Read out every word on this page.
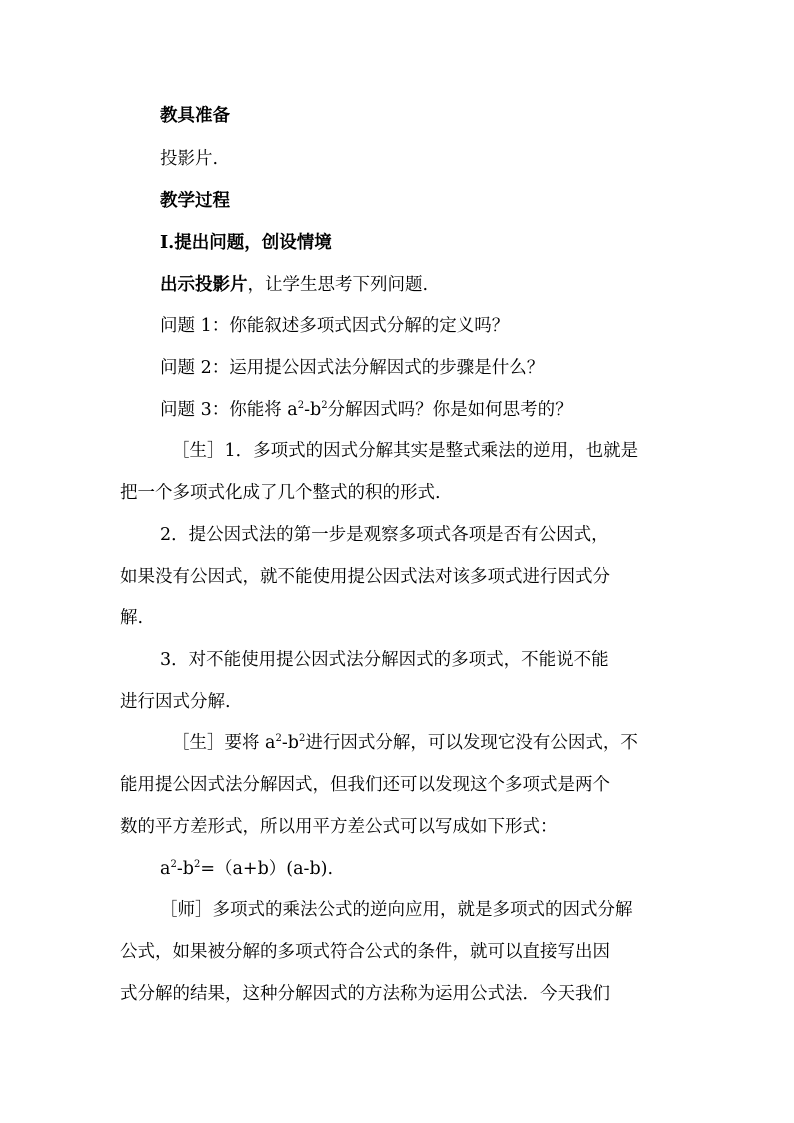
教具准备
投影片.
教学过程
Ⅰ.提出问题，创设情境
出示投影片，让学生思考下列问题.
问题 1：你能叙述多项式因式分解的定义吗？
问题 2：运用提公因式法分解因式的步骤是什么？
问题 3：你能将 $a^2-b^2$分解因式吗？你是如何思考的？
［生］1．多项式的因式分解其实是整式乘法的逆用，也就是
把一个多项式化成了几个整式的积的形式.
2．提公因式法的第一步是观察多项式各项是否有公因式，
如果没有公因式，就不能使用提公因式法对该多项式进行因式分
解.
3．对不能使用提公因式法分解因式的多项式，不能说不能
进行因式分解.
［生］要将 $a^2-b^2$进行因式分解，可以发现它没有公因式，不
能用提公因式法分解因式，但我们还可以发现这个多项式是两个
数的平方差形式，所以用平方差公式可以写成如下形式：
$a^2-b^2=(a+b)(a-b)$.
［师］多项式的乘法公式的逆向应用，就是多项式的因式分解
公式，如果被分解的多项式符合公式的条件，就可以直接写出因
式分解的结果，这种分解因式的方法称为运用公式法．今天我们
